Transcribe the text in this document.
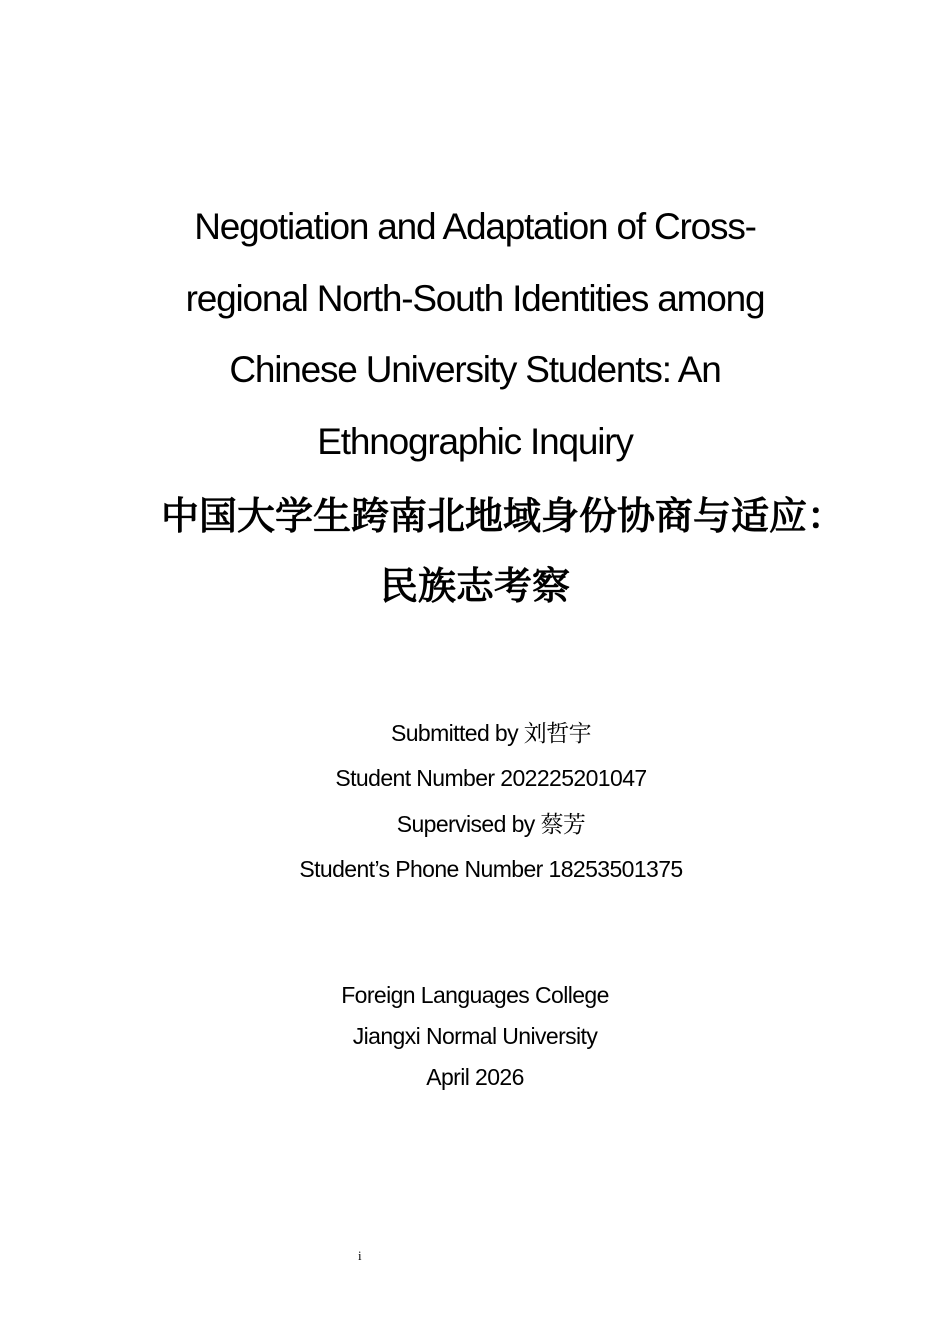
Negotiation and Adaptation of Cross-
regional North-South Identities among
Chinese University Students: An
Ethnographic Inquiry
中国大学生跨南北地域身份协商与适应：
民族志考察
Submitted by 刘哲宇
Student Number 202225201047
Supervised by 蔡芳
Student’s Phone Number 18253501375
Foreign Languages College
Jiangxi Normal University
April 2026
i
